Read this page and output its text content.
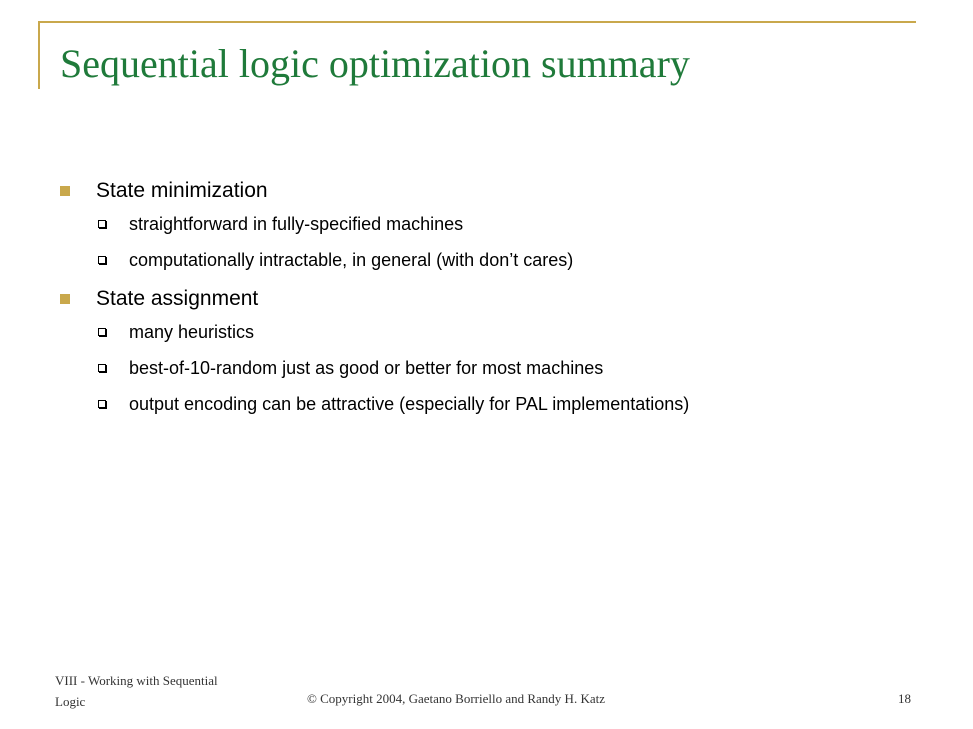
Sequential logic optimization summary
State minimization
straightforward in fully-specified machines
computationally intractable, in general (with don’t cares)
State assignment
many heuristics
best-of-10-random just as good or better for most machines
output encoding can be attractive (especially for PAL implementations)
VIII - Working with Sequential
Logic	© Copyright 2004, Gaetano Borriello and Randy H. Katz	18
